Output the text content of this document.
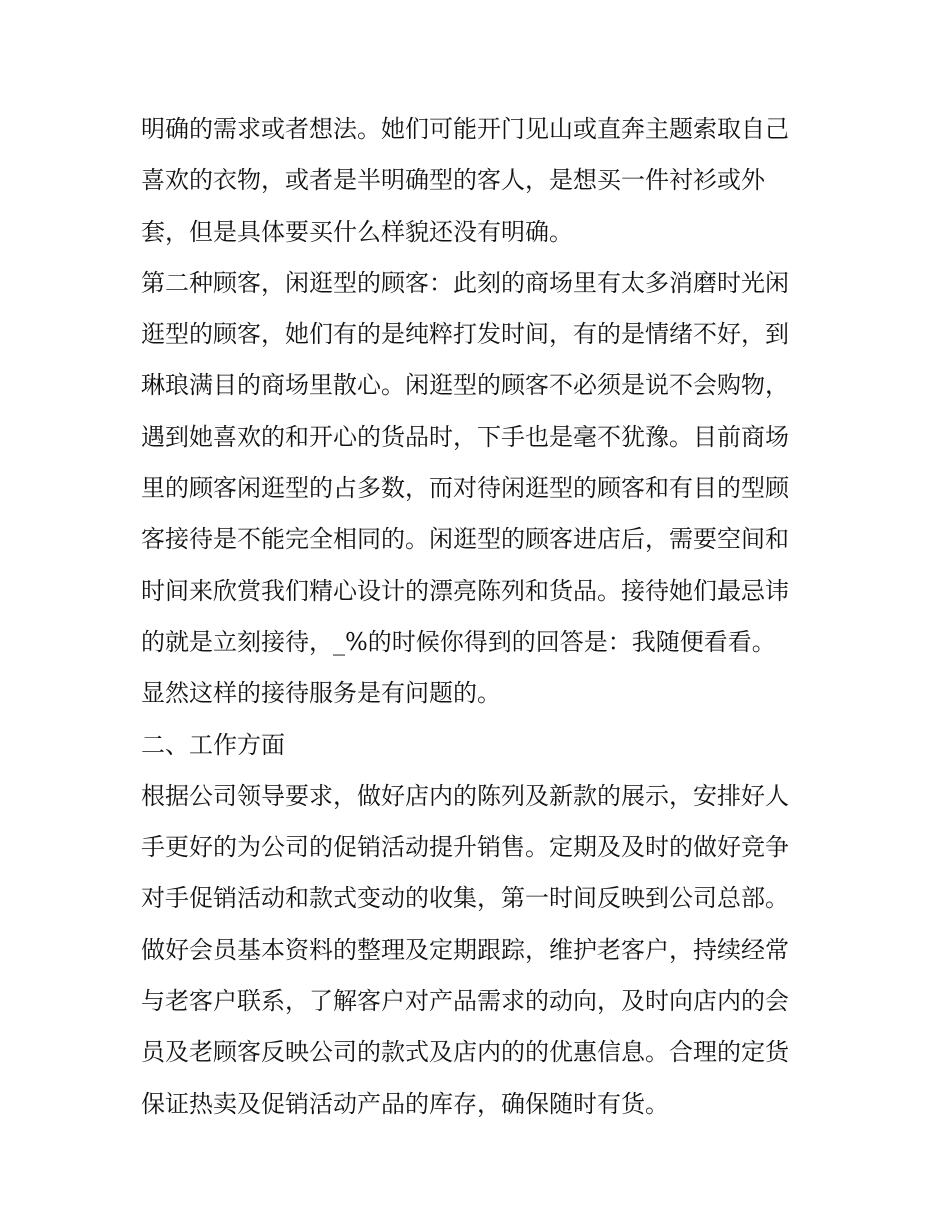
明确的需求或者想法。她们可能开门见山或直奔主题索取自己
喜欢的衣物，或者是半明确型的客人，是想买一件衬衫或外
套，但是具体要买什么样貌还没有明确。
第二种顾客，闲逛型的顾客：此刻的商场里有太多消磨时光闲
逛型的顾客，她们有的是纯粹打发时间，有的是情绪不好，到
琳琅满目的商场里散心。闲逛型的顾客不必须是说不会购物，
遇到她喜欢的和开心的货品时，下手也是毫不犹豫。目前商场
里的顾客闲逛型的占多数，而对待闲逛型的顾客和有目的型顾
客接待是不能完全相同的。闲逛型的顾客进店后，需要空间和
时间来欣赏我们精心设计的漂亮陈列和货品。接待她们最忌讳
的就是立刻接待，_%的时候你得到的回答是：我随便看看。
显然这样的接待服务是有问题的。
二、工作方面
根据公司领导要求，做好店内的陈列及新款的展示，安排好人
手更好的为公司的促销活动提升销售。定期及及时的做好竞争
对手促销活动和款式变动的收集，第一时间反映到公司总部。
做好会员基本资料的整理及定期跟踪，维护老客户，持续经常
与老客户联系，了解客户对产品需求的动向，及时向店内的会
员及老顾客反映公司的款式及店内的的优惠信息。合理的定货
保证热卖及促销活动产品的库存，确保随时有货。
